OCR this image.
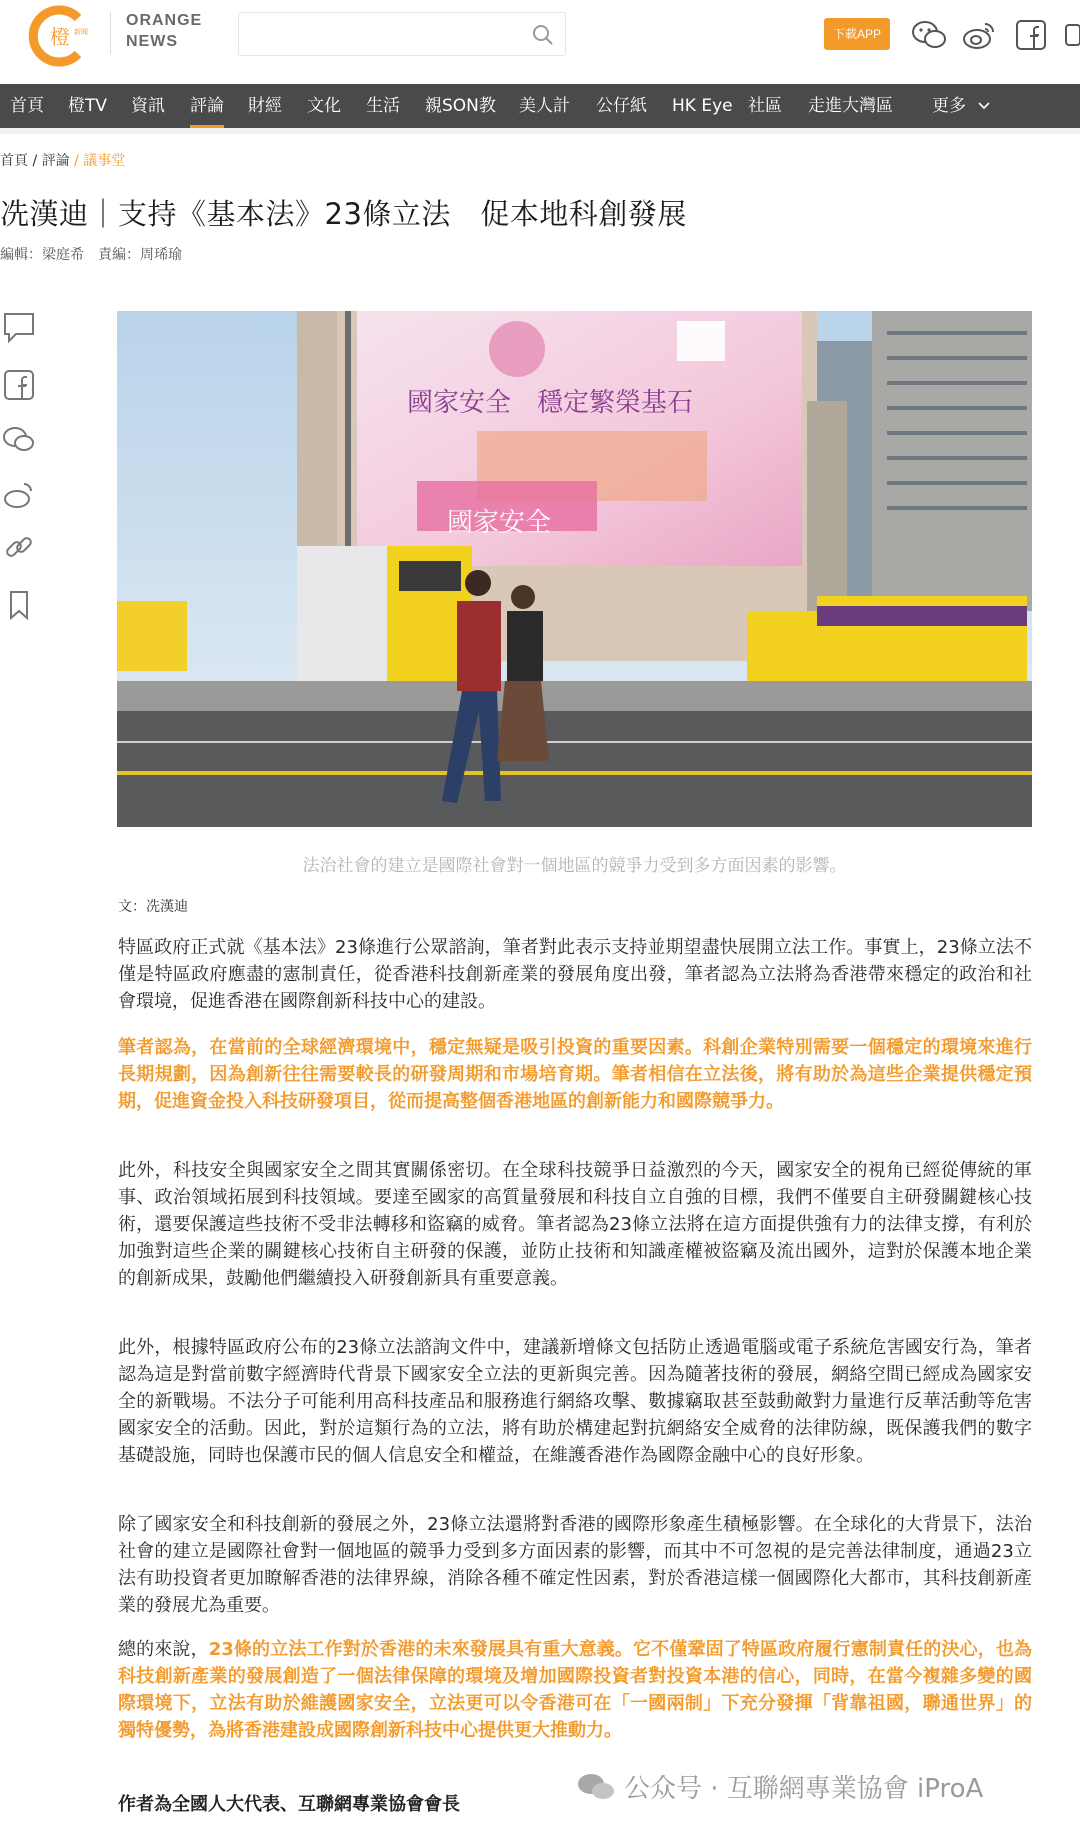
橙 新聞
ORANGE
NEWS	下載APP
首頁 橙TV 資訊 評論 財經 文化 生活 親SON教 美人計 公仔紙 HK Eye 社區 走進大灣區 更多
首頁 / 評論 / 議事堂
冼漢迪｜支持《基本法》23條立法　促本地科創發展
編輯：梁庭希　責編：周琋瑜
國家安全　穩定繁榮基石
國家安全
法治社會的建立是國際社會對一個地區的競爭力受到多方面因素的影響。
文：冼漢迪

特區政府正式就《基本法》23條進行公眾諮詢，筆者對此表示支持並期望盡快展開立法工作。事實上，23條立法不僅是特區政府應盡的憲制責任，從香港科技創新產業的發展角度出發，筆者認為立法將為香港帶來穩定的政治和社會環境，促進香港在國際創新科技中心的建設。

筆者認為，在當前的全球經濟環境中，穩定無疑是吸引投資的重要因素。科創企業特別需要一個穩定的環境來進行長期規劃，因為創新往往需要較長的研發周期和市場培育期。筆者相信在立法後，將有助於為這些企業提供穩定預期，促進資金投入科技研發項目，從而提高整個香港地區的創新能力和國際競爭力。

此外，科技安全與國家安全之間其實關係密切。在全球科技競爭日益激烈的今天，國家安全的視角已經從傳統的軍事、政治領域拓展到科技領域。要達至國家的高質量發展和科技自立自強的目標，我們不僅要自主研發關鍵核心技術，還要保護這些技術不受非法轉移和盜竊的威脅。筆者認為23條立法將在這方面提供強有力的法律支撐，有利於加強對這些企業的關鍵核心技術自主研發的保護，並防止技術和知識產權被盜竊及流出國外，這對於保護本地企業的創新成果，鼓勵他們繼續投入研發創新具有重要意義。

此外，根據特區政府公布的23條立法諮詢文件中，建議新增條文包括防止透過電腦或電子系統危害國安行為，筆者認為這是對當前數字經濟時代背景下國家安全立法的更新與完善。因為隨著技術的發展，網絡空間已經成為國家安全的新戰場。不法分子可能利用高科技產品和服務進行網絡攻擊、數據竊取甚至鼓動敵對力量進行反華活動等危害國家安全的活動。因此，對於這類行為的立法，將有助於構建起對抗網絡安全威脅的法律防線，既保護我們的數字基礎設施，同時也保護市民的個人信息安全和權益，在維護香港作為國際金融中心的良好形象。

除了國家安全和科技創新的發展之外，23條立法還將對香港的國際形象產生積極影響。在全球化的大背景下，法治社會的建立是國際社會對一個地區的競爭力受到多方面因素的影響，而其中不可忽視的是完善法律制度，通過23立法有助投資者更加瞭解香港的法律界線，消除各種不確定性因素，對於香港這樣一個國際化大都市，其科技創新產業的發展尤為重要。

總的來說，23條的立法工作對於香港的未來發展具有重大意義。它不僅鞏固了特區政府履行憲制責任的決心，也為科技創新產業的發展創造了一個法律保障的環境及增加國際投資者對投資本港的信心，同時，在當今複雜多變的國際環境下，立法有助於維護國家安全，立法更可以令香港可在「一國兩制」下充分發揮「背靠祖國，聯通世界」的獨特優勢，為將香港建設成國際創新科技中心提供更大推動力。

公众号 · 互聯網專業協會 iProA
作者為全國人大代表、互聯網專業協會會長
